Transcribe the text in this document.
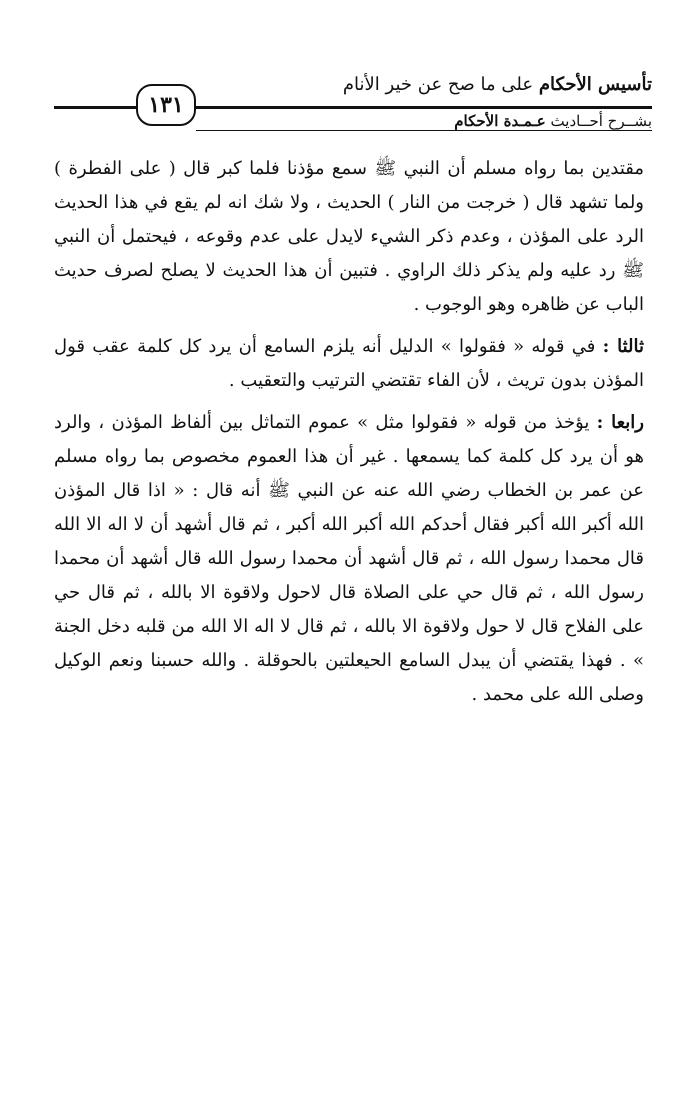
تأسيس الأحكام على ما صح عن خير الأنام
١٣١
بشــرح أحــاديث عـمـدة الأحكام

مقتدين بما رواه مسلم أن النبي ﷺ سمع مؤذنا فلما كبر قال ( على الفطرة ) ولما تشهد قال ( خرجت من النار ) الحديث ، ولا شك انه لم يقع في هذا الحديث الرد على المؤذن ، وعدم ذكر الشيء لايدل على عدم وقوعه ، فيحتمل أن النبي ﷺ رد عليه ولم يذكر ذلك الراوي . فتبين أن هذا الحديث لا يصلح لصرف حديث الباب عن ظاهره وهو الوجوب .

ثالثا : في قوله « فقولوا » الدليل أنه يلزم السامع أن يرد كل كلمة عقب قول المؤذن بدون تريث ، لأن الفاء تقتضي الترتيب والتعقيب .

رابعا : يؤخذ من قوله « فقولوا مثل » عموم التماثل بين ألفاظ المؤذن ، والرد هو أن يرد كل كلمة كما يسمعها . غير أن هذا العموم مخصوص بما رواه مسلم عن عمر بن الخطاب رضي الله عنه عن النبي ﷺ أنه قال : « اذا قال المؤذن الله أكبر الله أكبر فقال أحدكم الله أكبر الله أكبر ، ثم قال أشهد أن لا اله الا الله قال محمدا رسول الله ، ثم قال أشهد أن محمدا رسول الله قال أشهد أن محمدا رسول الله ، ثم قال حي على الصلاة قال لاحول ولاقوة الا بالله ، ثم قال حي على الفلاح قال لا حول ولاقوة الا بالله ، ثم قال لا اله الا الله من قلبه دخل الجنة » . فهذا يقتضي أن يبدل السامع الحيعلتين بالحوقلة . والله حسبنا ونعم الوكيل وصلى الله على محمد .
